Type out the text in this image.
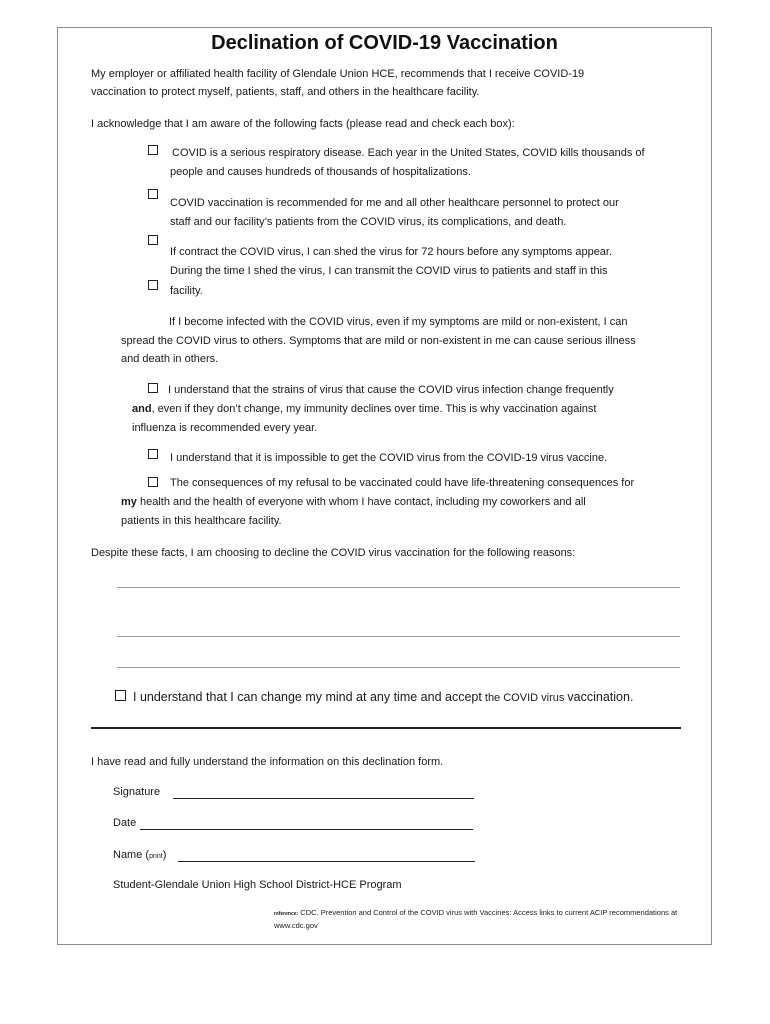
Declination of COVID-19 Vaccination
My employer or affiliated health facility of Glendale Union HCE, recommends that I receive COVID-19
vaccination to protect myself, patients, staff, and others in the healthcare facility.
I acknowledge that I am aware of the following facts (please read and check each box):
COVID is a serious respiratory disease. Each year in the United States, COVID kills thousands of
people and causes hundreds of thousands of hospitalizations.
COVID vaccination is recommended for me and all other healthcare personnel to protect our
staff and our facility’s patients from the COVID virus, its complications, and death.
If contract the COVID virus, I can shed the virus for 72 hours before any symptoms appear.
During the time I shed the virus, I can transmit the COVID virus to patients and staff in this
facility.
If I become infected with the COVID virus, even if my symptoms are mild or non-existent, I can
spread the COVID virus to others. Symptoms that are mild or non-existent in me can cause serious illness
and death in others.
I understand that the strains of virus that cause the COVID virus infection change frequently
and, even if they don’t change, my immunity declines over time. This is why vaccination against
influenza is recommended every year.
I understand that it is impossible to get the COVID virus from the COVID-19 virus vaccine.
The consequences of my refusal to be vaccinated could have life-threatening consequences for
my health and the health of everyone with whom I have contact, including my coworkers and all
patients in this healthcare facility.
Despite these facts, I am choosing to decline the COVID virus vaccination for the following reasons:
I understand that I can change my mind at any time and accept the COVID virus vaccination.
I have read and fully understand the information on this declination form.
Signature
Date
Name (print)
Student-Glendale Union High School District-HCE Program
reference: CDC. Prevention and Control of the COVID virus with Vaccines: Access links to current ACIP recommendations at www.cdc.gov
